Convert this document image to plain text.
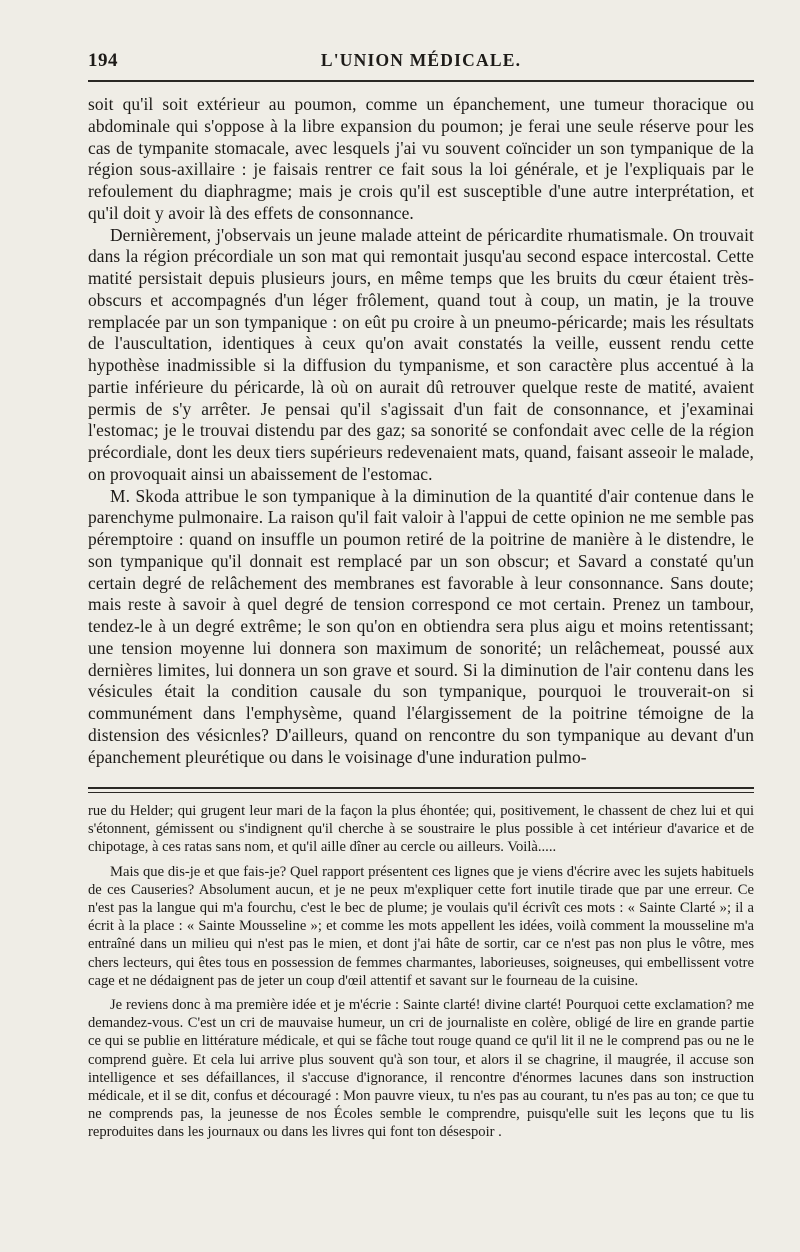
194	L'UNION MÉDICALE.

soit qu'il soit extérieur au poumon, comme un épanchement, une tumeur thoracique ou abdominale qui s'oppose à la libre expansion du poumon; je ferai une seule réserve pour les cas de tympanite stomacale, avec lesquels j'ai vu souvent coïncider un son tympanique de la région sous-axillaire : je faisais rentrer ce fait sous la loi générale, et je l'expliquais par le refoulement du diaphragme; mais je crois qu'il est susceptible d'une autre interprétation, et qu'il doit y avoir là des effets de consonnance.

Dernièrement, j'observais un jeune malade atteint de péricardite rhumatismale. On trouvait dans la région précordiale un son mat qui remontait jusqu'au second espace intercostal. Cette matité persistait depuis plusieurs jours, en même temps que les bruits du cœur étaient très-obscurs et accompagnés d'un léger frôlement, quand tout à coup, un matin, je la trouve remplacée par un son tympanique : on eût pu croire à un pneumo-péricarde; mais les résultats de l'auscultation, identiques à ceux qu'on avait constatés la veille, eussent rendu cette hypothèse inadmissible si la diffusion du tympanisme, et son caractère plus accentué à la partie inférieure du péricarde, là où on aurait dû retrouver quelque reste de matité, avaient permis de s'y arrêter. Je pensai qu'il s'agissait d'un fait de consonnance, et j'examinai l'estomac; je le trouvai distendu par des gaz; sa sonorité se confondait avec celle de la région précordiale, dont les deux tiers supérieurs redevenaient mats, quand, faisant asseoir le malade, on provoquait ainsi un abaissement de l'estomac.

M. Skoda attribue le son tympanique à la diminution de la quantité d'air contenue dans le parenchyme pulmonaire. La raison qu'il fait valoir à l'appui de cette opinion ne me semble pas péremptoire : quand on insuffle un poumon retiré de la poitrine de manière à le distendre, le son tympanique qu'il donnait est remplacé par un son obscur; et Savard a constaté qu'un certain degré de relâchement des membranes est favorable à leur consonnance. Sans doute; mais reste à savoir à quel degré de tension correspond ce mot certain. Prenez un tambour, tendez-le à un degré extrême; le son qu'on en obtiendra sera plus aigu et moins retentissant; une tension moyenne lui donnera son maximum de sonorité; un relâchemeat, poussé aux dernières limites, lui donnera un son grave et sourd. Si la diminution de l'air contenu dans les vésicules était la condition causale du son tympanique, pourquoi le trouverait-on si communément dans l'emphysème, quand l'élargissement de la poitrine témoigne de la distension des vésicnles? D'ailleurs, quand on rencontre du son tympanique au devant d'un épanchement pleurétique ou dans le voisinage d'une induration pulmo-

rue du Helder; qui grugent leur mari de la façon la plus éhontée; qui, positivement, le chassent de chez lui et qui s'étonnent, gémissent ou s'indignent qu'il cherche à se soustraire le plus possible à cet intérieur d'avarice et de chipotage, à ces ratas sans nom, et qu'il aille dîner au cercle ou ailleurs. Voilà.....

Mais que dis-je et que fais-je? Quel rapport présentent ces lignes que je viens d'écrire avec les sujets habituels de ces Causeries? Absolument aucun, et je ne peux m'expliquer cette fort inutile tirade que par une erreur. Ce n'est pas la langue qui m'a fourchu, c'est le bec de plume; je voulais qu'il écrivît ces mots : « Sainte Clarté »; il a écrit à la place : « Sainte Mousseline »; et comme les mots appellent les idées, voilà comment la mousseline m'a entraîné dans un milieu qui n'est pas le mien, et dont j'ai hâte de sortir, car ce n'est pas non plus le vôtre, mes chers lecteurs, qui êtes tous en possession de femmes charmantes, laborieuses, soigneuses, qui embellissent votre cage et ne dédaignent pas de jeter un coup d'œil attentif et savant sur le fourneau de la cuisine.

Je reviens donc à ma première idée et je m'écrie : Sainte clarté! divine clarté! Pourquoi cette exclamation? me demandez-vous. C'est un cri de mauvaise humeur, un cri de journaliste en colère, obligé de lire en grande partie ce qui se publie en littérature médicale, et qui se fâche tout rouge quand ce qu'il lit il ne le comprend pas ou ne le comprend guère. Et cela lui arrive plus souvent qu'à son tour, et alors il se chagrine, il maugrée, il accuse son intelligence et ses défaillances, il s'accuse d'ignorance, il rencontre d'énormes lacunes dans son instruction médicale, et il se dit, confus et découragé : Mon pauvre vieux, tu n'es pas au courant, tu n'es pas au ton; ce que tu ne comprends pas, la jeunesse de nos Écoles semble le comprendre, puisqu'elle suit les leçons que tu lis reproduites dans les journaux ou dans les livres qui font ton désespoir .
